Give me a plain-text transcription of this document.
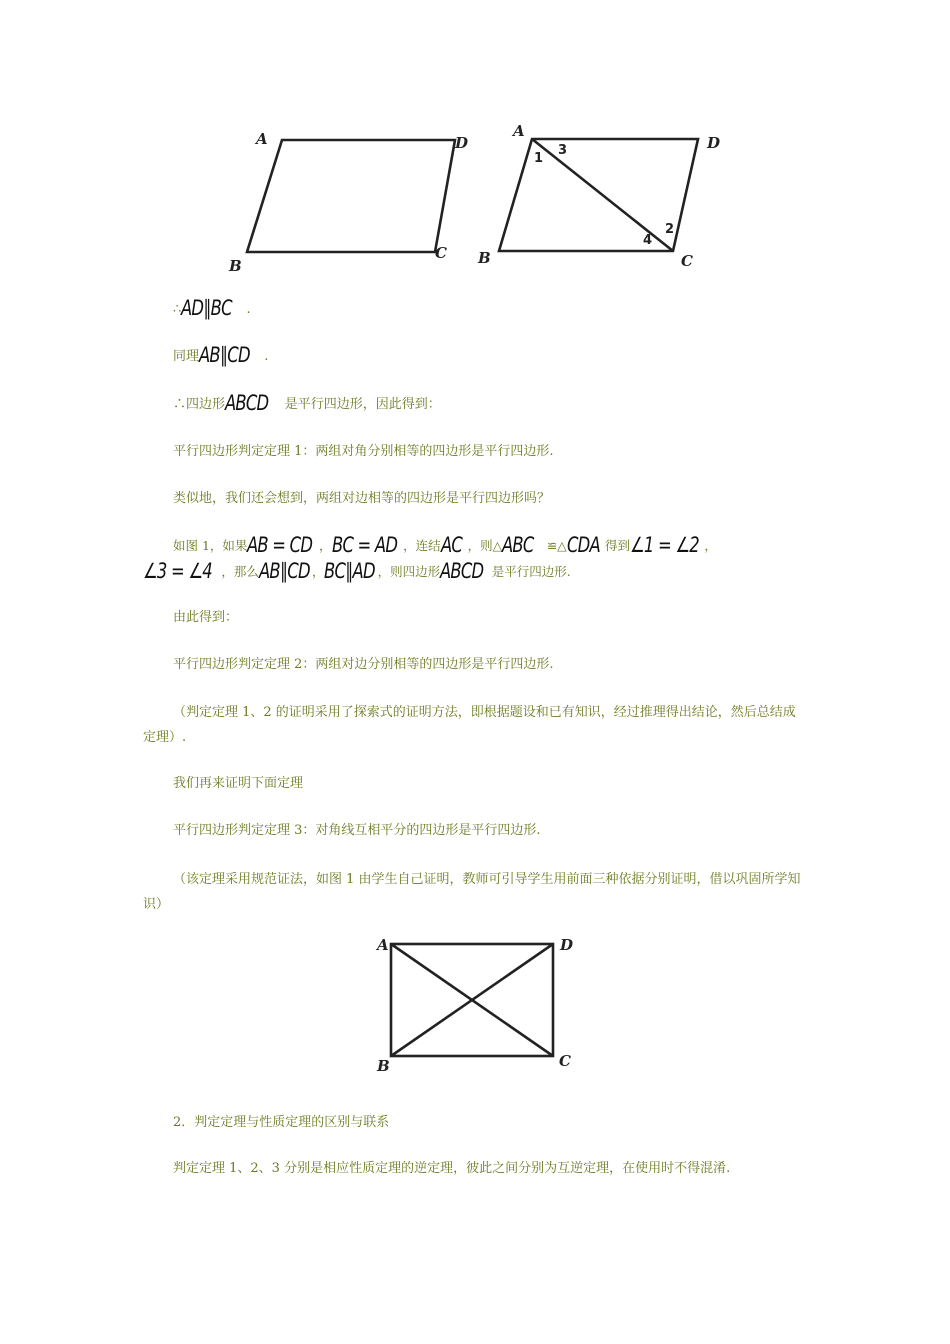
A	D
B
C
A
D
B	C
1
3
2
4
∴AD∥BC .
同理AB∥CD .
∴四边形ABCD 是平行四边形，因此得到：
平行四边形判定定理 1：两组对角分别相等的四边形是平行四边形.
类似地，我们还会想到，两组对边相等的四边形是平行四边形吗？
如图 1，如果AB = CD ，BC = AD ，连结AC ，则△ABC ≌△CDA 得到∠1 = ∠2 ，
∠3 = ∠4 ，那么AB∥CD ，BC∥AD ，则四边形ABCD 是平行四边形.
由此得到：
平行四边形判定定理 2：两组对边分别相等的四边形是平行四边形.
（判定定理 1、2 的证明采用了探索式的证明方法，即根据题设和已有知识，经过推理得出结论，然后总结成定理）.
我们再来证明下面定理
平行四边形判定定理 3：对角线互相平分的四边形是平行四边形.
（该定理采用规范证法，如图 1 由学生自己证明，教师可引导学生用前面三种依据分别证明，借以巩固所学知识）
A	D
B	C
2．判定定理与性质定理的区别与联系
判定定理 1、2、3 分别是相应性质定理的逆定理，彼此之间分别为互逆定理，在使用时不得混淆.
